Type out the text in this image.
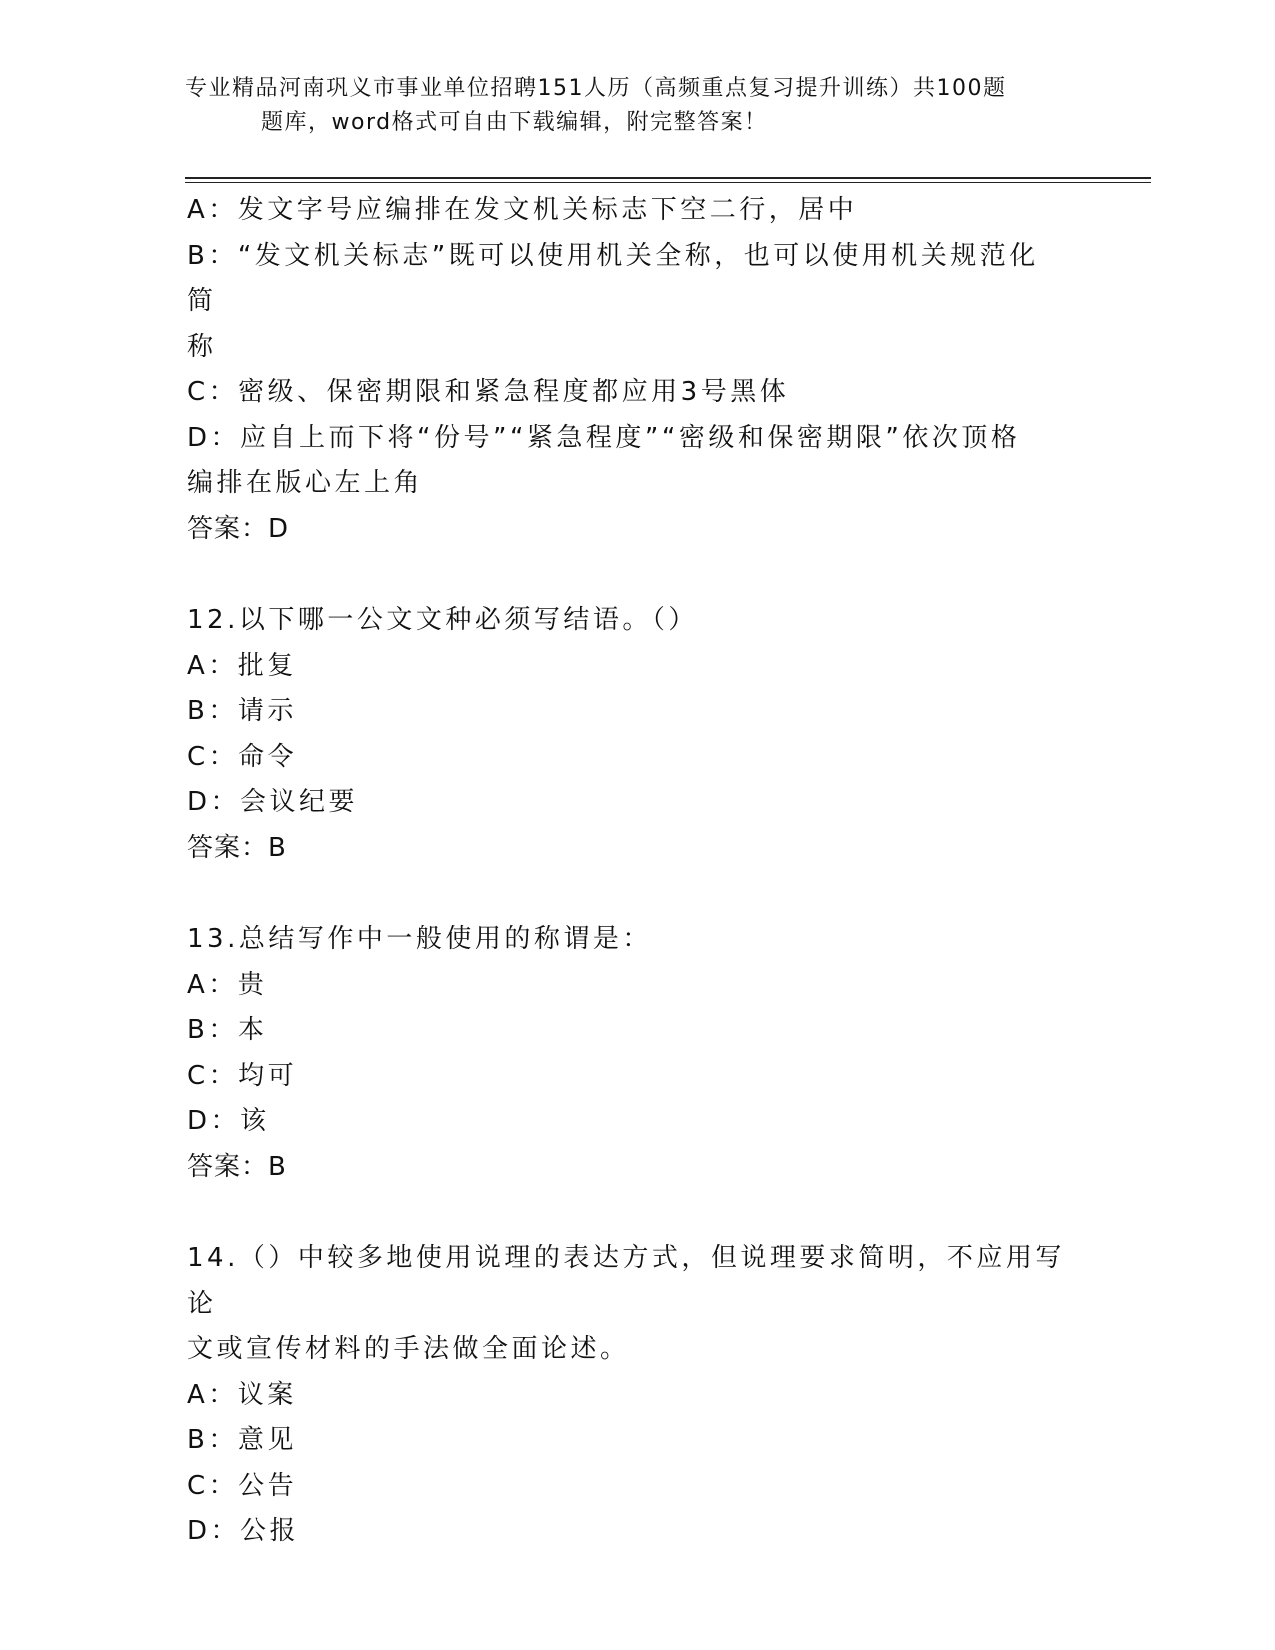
专业精品河南巩义市事业单位招聘151人历（高频重点复习提升训练）共100题
题库，word格式可自由下载编辑，附完整答案！

A：发文字号应编排在发文机关标志下空二行，居中

B：“发文机关标志”既可以使用机关全称，也可以使用机关规范化简

称

C：密级、保密期限和紧急程度都应用3号黑体

D：应自上而下将“份号”“紧急程度”“密级和保密期限”依次顶格

编排在版心左上角

答案：D

12.以下哪一公文文种必须写结语。（）

A：批复

B：请示

C：命令

D：会议纪要

答案：B

13.总结写作中一般使用的称谓是：

A：贵

B：本

C：均可

D：该

答案：B

14.（）中较多地使用说理的表达方式，但说理要求简明，不应用写论

文或宣传材料的手法做全面论述。

A：议案

B：意见

C：公告

D：公报
